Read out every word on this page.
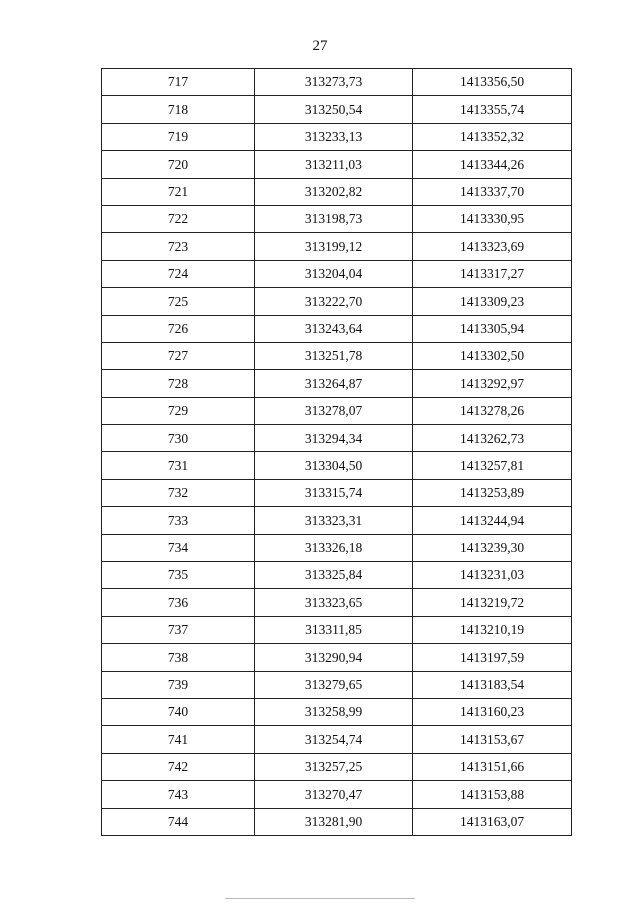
27
717	313273,73	1413356,50
718	313250,54	1413355,74
719	313233,13	1413352,32
720	313211,03	1413344,26
721	313202,82	1413337,70
722	313198,73	1413330,95
723	313199,12	1413323,69
724	313204,04	1413317,27
725	313222,70	1413309,23
726	313243,64	1413305,94
727	313251,78	1413302,50
728	313264,87	1413292,97
729	313278,07	1413278,26
730	313294,34	1413262,73
731	313304,50	1413257,81
732	313315,74	1413253,89
733	313323,31	1413244,94
734	313326,18	1413239,30
735	313325,84	1413231,03
736	313323,65	1413219,72
737	313311,85	1413210,19
738	313290,94	1413197,59
739	313279,65	1413183,54
740	313258,99	1413160,23
741	313254,74	1413153,67
742	313257,25	1413151,66
743	313270,47	1413153,88
744	313281,90	1413163,07
